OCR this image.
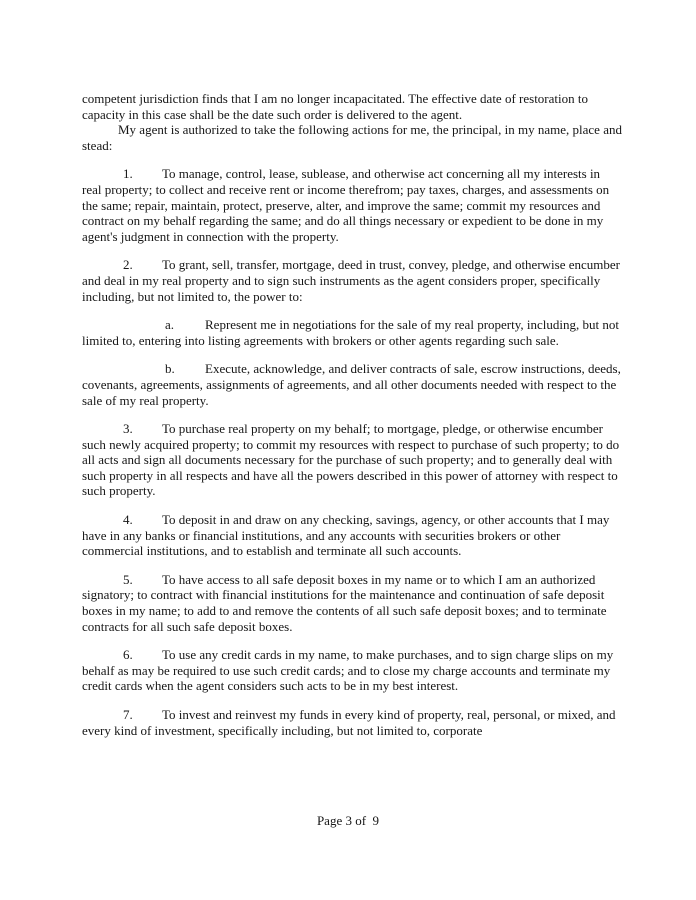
competent jurisdiction finds that I am no longer incapacitated. The effective date of restoration to capacity in this case shall be the date such order is delivered to the agent.

My agent is authorized to take the following actions for me, the principal, in my name, place and stead:

1. To manage, control, lease, sublease, and otherwise act concerning all my interests in real property; to collect and receive rent or income therefrom; pay taxes, charges, and assessments on the same; repair, maintain, protect, preserve, alter, and improve the same; commit my resources and contract on my behalf regarding the same; and do all things necessary or expedient to be done in my agent's judgment in connection with the property.

2. To grant, sell, transfer, mortgage, deed in trust, convey, pledge, and otherwise encumber and deal in my real property and to sign such instruments as the agent considers proper, specifically including, but not limited to, the power to:

a. Represent me in negotiations for the sale of my real property, including, but not limited to, entering into listing agreements with brokers or other agents regarding such sale.

b. Execute, acknowledge, and deliver contracts of sale, escrow instructions, deeds, covenants, agreements, assignments of agreements, and all other documents needed with respect to the sale of my real property.

3. To purchase real property on my behalf; to mortgage, pledge, or otherwise encumber such newly acquired property; to commit my resources with respect to purchase of such property; to do all acts and sign all documents necessary for the purchase of such property; and to generally deal with such property in all respects and have all the powers described in this power of attorney with respect to such property.

4. To deposit in and draw on any checking, savings, agency, or other accounts that I may have in any banks or financial institutions, and any accounts with securities brokers or other commercial institutions, and to establish and terminate all such accounts.

5. To have access to all safe deposit boxes in my name or to which I am an authorized signatory; to contract with financial institutions for the maintenance and continuation of safe deposit boxes in my name; to add to and remove the contents of all such safe deposit boxes; and to terminate contracts for all such safe deposit boxes.

6. To use any credit cards in my name, to make purchases, and to sign charge slips on my behalf as may be required to use such credit cards; and to close my charge accounts and terminate my credit cards when the agent considers such acts to be in my best interest.

7. To invest and reinvest my funds in every kind of property, real, personal, or mixed, and every kind of investment, specifically including, but not limited to, corporate

Page 3 of  9
